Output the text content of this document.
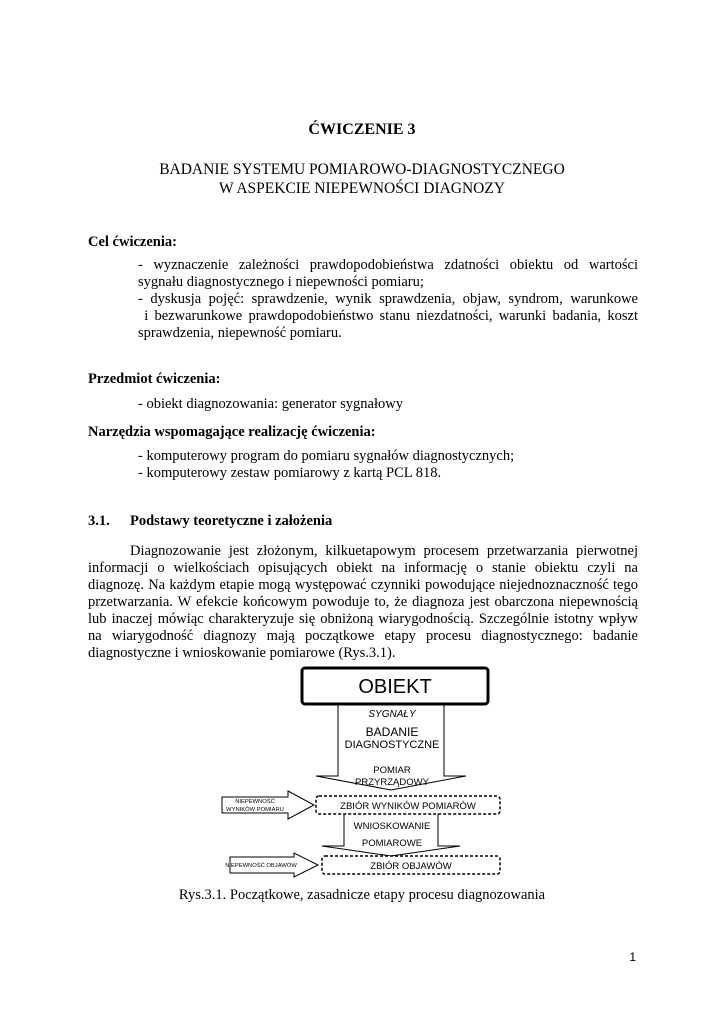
ĆWICZENIE 3
BADANIE SYSTEMU POMIAROWO-DIAGNOSTYCZNEGO
W ASPEKCIE NIEPEWNOŚCI DIAGNOZY
Cel ćwiczenia:
- wyznaczenie zależności prawdopodobieństwa zdatności obiektu od wartości
sygnału diagnostycznego i niepewności pomiaru;
- dyskusja pojęć: sprawdzenie, wynik sprawdzenia, objaw, syndrom, warunkowe
i bezwarunkowe prawdopodobieństwo stanu niezdatności, warunki badania, koszt
sprawdzenia, niepewność pomiaru.
Przedmiot ćwiczenia:
- obiekt diagnozowania: generator sygnałowy
Narzędzia wspomagające realizację ćwiczenia:
- komputerowy program do pomiaru sygnałów diagnostycznych;
- komputerowy zestaw pomiarowy z kartą PCL 818.
3.1. Podstawy teoretyczne i założenia
Diagnozowanie jest złożonym, kilkuetapowym procesem przetwarzania pierwotnej
informacji o wielkościach opisujących obiekt na informację o stanie obiektu czyli na
diagnozę. Na każdym etapie mogą występować czynniki powodujące niejednoznaczność tego
przetwarzania. W efekcie końcowym powoduje to, że diagnoza jest obarczona niepewnością
lub inaczej mówiąc charakteryzuje się obniżoną wiarygodnością. Szczególnie istotny wpływ
na wiarygodność diagnozy mają początkowe etapy procesu diagnostycznego: badanie
diagnostyczne i wnioskowanie pomiarowe (Rys.3.1).
OBIEKT
SYGNAŁY
BADANIE
DIAGNOSTYCZNE
POMIAR
PRZYRZĄDOWY
ZBIÓR WYNIKÓW POMIARÓW
NIEPEWNOŚĆ
WYNIKÓW POMIARU
WNIOSKOWANIE
POMIAROWE
ZBIÓR OBJAWÓW
NIEPEWNOŚĆ OBJAWÓW
Rys.3.1. Początkowe, zasadnicze etapy procesu diagnozowania
1
